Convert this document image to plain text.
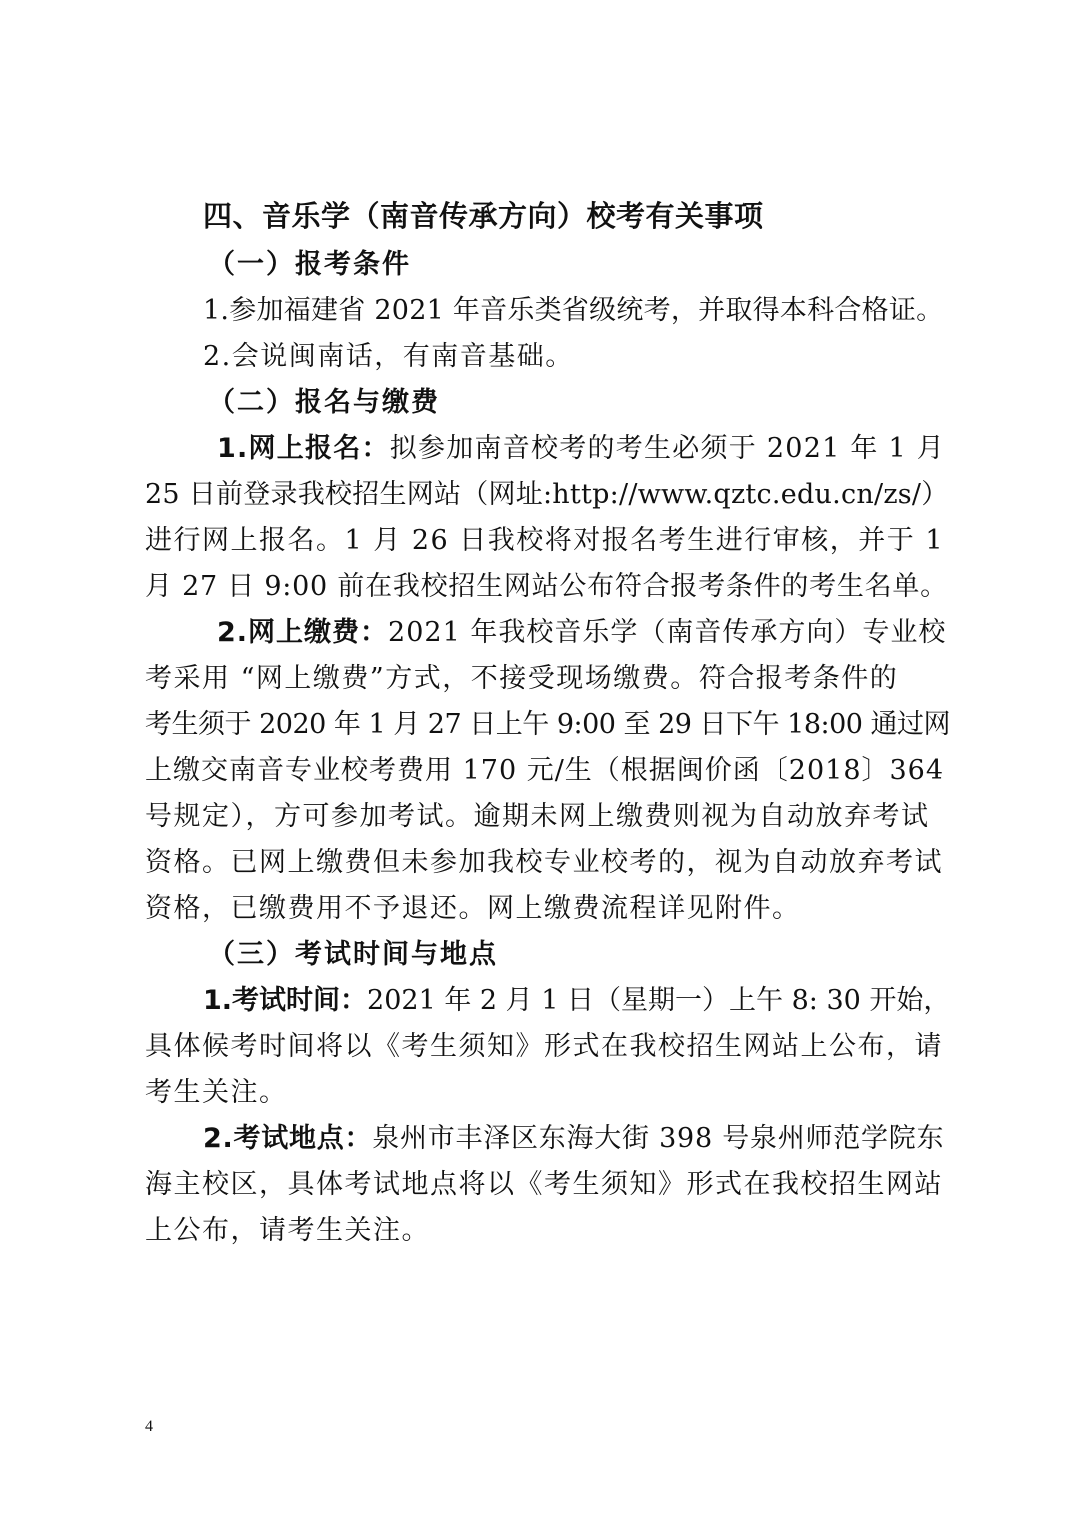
四、音乐学（南音传承方向）校考有关事项
（一）报考条件
1.参加福建省 2021 年音乐类省级统考，并取得本科合格证。
2.会说闽南话，有南音基础。
（二）报名与缴费
1.网上报名：拟参加南音校考的考生必须于 2021 年 1 月
25 日前登录我校招生网站（网址:http://www.qztc.edu.cn/zs/）
进行网上报名。1 月 26 日我校将对报名考生进行审核，并于 1
月 27 日 9:00 前在我校招生网站公布符合报考条件的考生名单。
2.网上缴费：2021 年我校音乐学（南音传承方向）专业校
考采用 “网上缴费”方式，不接受现场缴费。符合报考条件的
考生须于 2020 年 1 月 27 日上午 9:00 至 29 日下午 18:00 通过网
上缴交南音专业校考费用 170 元/生（根据闽价函〔2018〕364
号规定），方可参加考试。逾期未网上缴费则视为自动放弃考试
资格。已网上缴费但未参加我校专业校考的，视为自动放弃考试
资格，已缴费用不予退还。网上缴费流程详见附件。
（三）考试时间与地点
1.考试时间：2021 年 2 月 1 日（星期一）上午 8: 30 开始，
具体候考时间将以《考生须知》形式在我校招生网站上公布，请
考生关注。
2.考试地点：泉州市丰泽区东海大街 398 号泉州师范学院东
海主校区，具体考试地点将以《考生须知》形式在我校招生网站
上公布，请考生关注。
4
